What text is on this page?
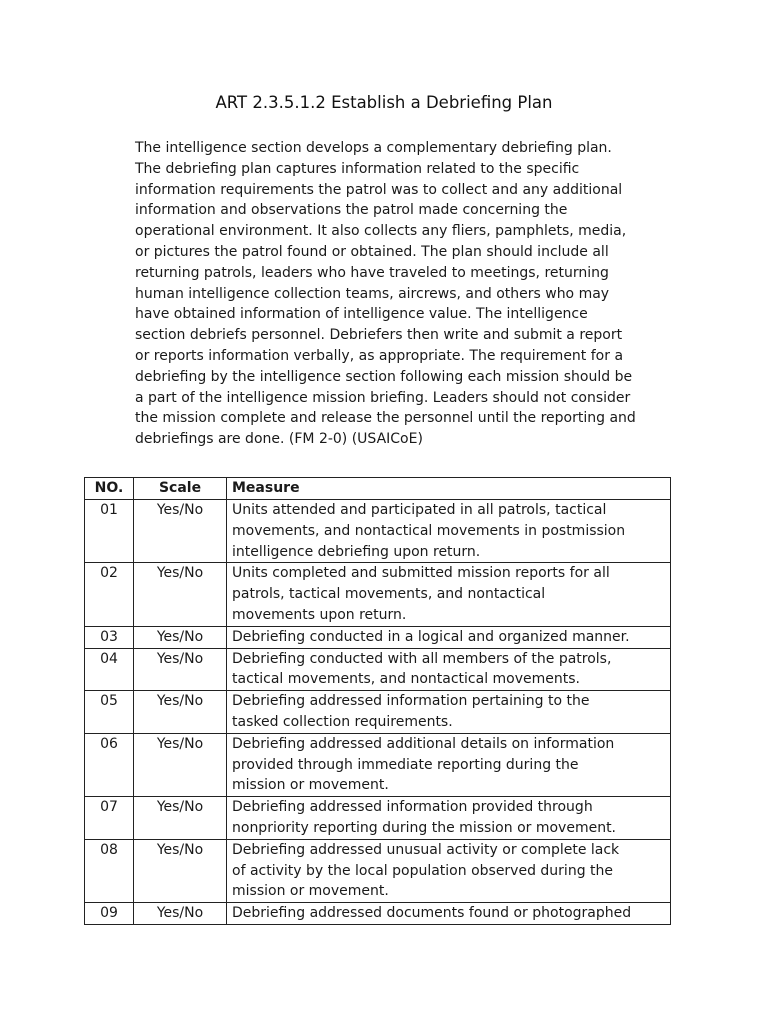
ART 2.3.5.1.2 Establish a Debriefing Plan
The intelligence section develops a complementary debriefing plan.
The debriefing plan captures information related to the specific
information requirements the patrol was to collect and any additional
information and observations the patrol made concerning the
operational environment. It also collects any fliers, pamphlets, media,
or pictures the patrol found or obtained. The plan should include all
returning patrols, leaders who have traveled to meetings, returning
human intelligence collection teams, aircrews, and others who may
have obtained information of intelligence value. The intelligence
section debriefs personnel. Debriefers then write and submit a report
or reports information verbally, as appropriate. The requirement for a
debriefing by the intelligence section following each mission should be
a part of the intelligence mission briefing. Leaders should not consider
the mission complete and release the personnel until the reporting and
debriefings are done. (FM 2-0) (USAICoE)
NO.	Scale	Measure
01	Yes/No	Units attended and participated in all patrols, tactical
movements, and nontactical movements in postmission
intelligence debriefing upon return.
02	Yes/No	Units completed and submitted mission reports for all
patrols, tactical movements, and nontactical
movements upon return.
03	Yes/No	Debriefing conducted in a logical and organized manner.
04	Yes/No	Debriefing conducted with all members of the patrols,
tactical movements, and nontactical movements.
05	Yes/No	Debriefing addressed information pertaining to the
tasked collection requirements.
06	Yes/No	Debriefing addressed additional details on information
provided through immediate reporting during the
mission or movement.
07	Yes/No	Debriefing addressed information provided through
nonpriority reporting during the mission or movement.
08	Yes/No	Debriefing addressed unusual activity or complete lack
of activity by the local population observed during the
mission or movement.
09	Yes/No	Debriefing addressed documents found or photographed
